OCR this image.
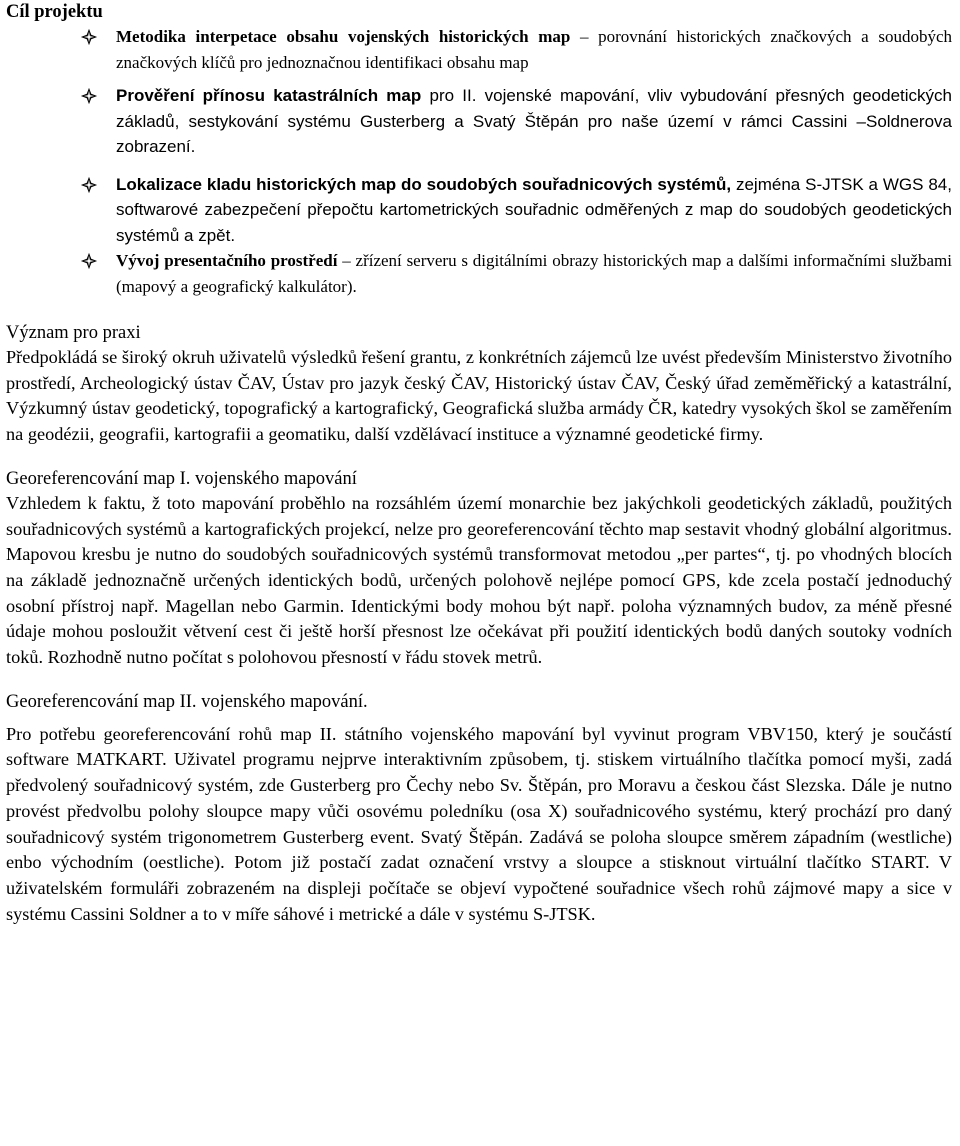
Cíl projektu
Metodika interpetace obsahu vojenských historických map – porovnání historických značkových a soudobých značkových klíčů pro jednoznačnou identifikaci obsahu map
Prověření přínosu katastrálních map pro II. vojenské mapování, vliv vybudování přesných geodetických základů, sestykování systému Gusterberg a Svatý Štěpán pro naše území v rámci Cassini –Soldnerova zobrazení.
Lokalizace kladu historických map do soudobých souřadnicových systémů, zejména S-JTSK a WGS 84, softwarové zabezpečení přepočtu kartometrických souřadnic odměřených z map do soudobých geodetických systémů a zpět.
Vývoj presentačního prostředí – zřízení serveru s digitálními obrazy historických map a dalšími informačními službami (mapový a geografický kalkulátor).
Význam pro praxi

Předpokládá se široký okruh uživatelů výsledků řešení grantu, z konkrétních zájemců lze uvést především Ministerstvo životního prostředí, Archeologický ústav ČAV, Ústav pro jazyk český ČAV, Historický ústav ČAV, Český úřad zeměměřický a katastrální, Výzkumný ústav geodetický, topografický a kartografický, Geografická služba armády ČR, katedry vysokých škol se zaměřením na geodézii, geografii, kartografii a geomatiku, další vzdělávací instituce a významné geodetické firmy.

Georeferencování map I. vojenského mapování

Vzhledem k faktu, ž toto mapování proběhlo na rozsáhlém území monarchie bez jakýchkoli geodetických základů, použitých souřadnicových systémů a kartografických projekcí, nelze pro georeferencování těchto map sestavit vhodný globální algoritmus. Mapovou kresbu je nutno do soudobých souřadnicových systémů transformovat metodou „per partes“, tj. po vhodných blocích na základě jednoznačně určených identických bodů, určených polohově nejlépe pomocí GPS, kde zcela postačí jednoduchý osobní přístroj např. Magellan nebo Garmin. Identickými body mohou být např. poloha významných budov, za méně přesné údaje mohou posloužit větvení cest či ještě horší přesnost lze očekávat při použití identických bodů daných soutoky vodních toků. Rozhodně nutno počítat s polohovou přesností v řádu stovek metrů.

Georeferencování map II. vojenského mapování.

Pro potřebu georeferencování rohů map II. státního vojenského mapování byl vyvinut program VBV150, který je součástí software MATKART. Uživatel programu nejprve interaktivním způsobem, tj. stiskem virtuálního tlačítka pomocí myši, zadá předvolený souřadnicový systém, zde Gusterberg pro Čechy nebo Sv. Štěpán, pro Moravu a českou část Slezska. Dále je nutno provést předvolbu polohy sloupce mapy vůči osovému poledníku (osa X) souřadnicového systému, který prochází pro daný souřadnicový systém trigonometrem Gusterberg event. Svatý Štěpán. Zadává se poloha sloupce směrem západním (westliche) enbo východním (oestliche). Potom již postačí zadat označení vrstvy a sloupce a stisknout virtuální tlačítko START. V uživatelském formuláři zobrazeném na displeji počítače se objeví vypočtené souřadnice všech rohů zájmové mapy a sice v systému Cassini Soldner a to v míře sáhové i metrické a dále v systému S-JTSK.
